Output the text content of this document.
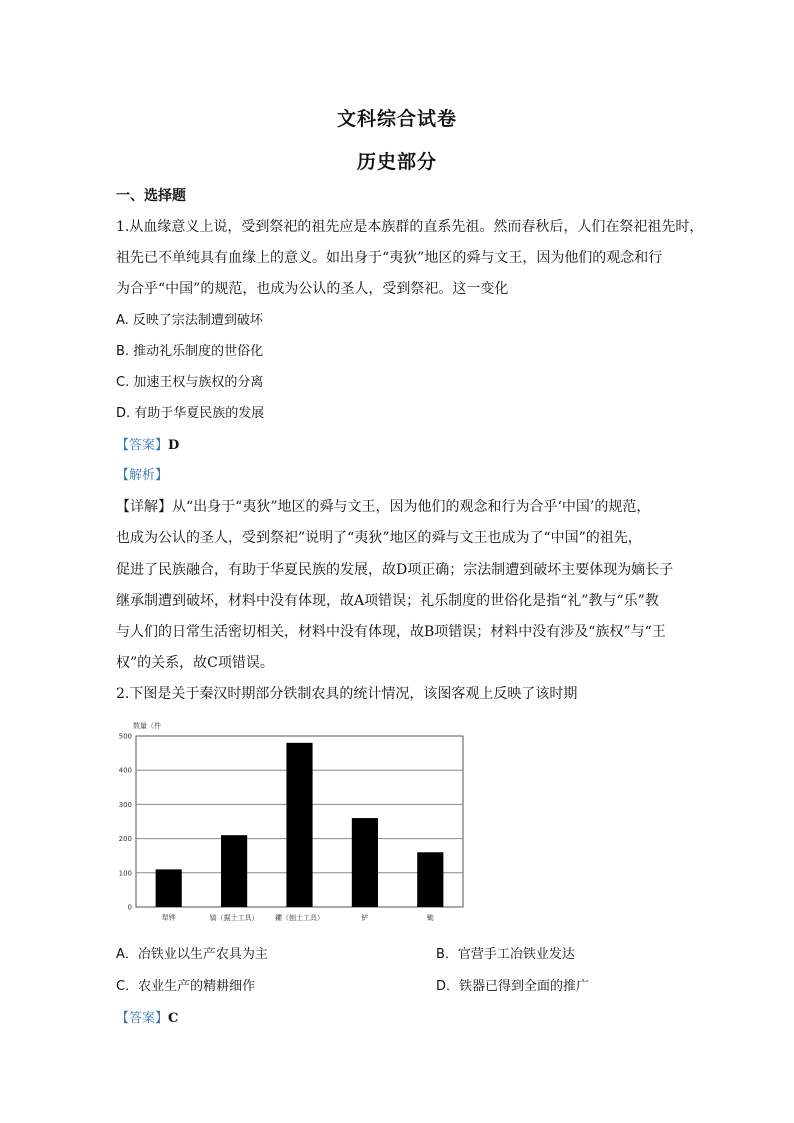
文科综合试卷
历史部分
一、选择题
1.从血缘意义上说，受到祭祀的祖先应是本族群的直系先祖。然而春秋后，人们在祭祀祖先时，
祖先已不单纯具有血缘上的意义。如出身于“夷狄”地区的舜与文王，因为他们的观念和行
为合乎“中国”的规范，也成为公认的圣人，受到祭祀。这一变化
A. 反映了宗法制遭到破坏
B. 推动礼乐制度的世俗化
C. 加速王权与族权的分离
D. 有助于华夏民族的发展
【答案】D
【解析】
【详解】从“出身于“夷狄”地区的舜与文王，因为他们的观念和行为合乎‘中国’的规范，
也成为公认的圣人，受到祭祀”说明了“夷狄”地区的舜与文王也成为了“中国”的祖先，
促进了民族融合，有助于华夏民族的发展，故D项正确；宗法制遭到破坏主要体现为嫡长子
继承制遭到破坏，材料中没有体现，故A项错误；礼乐制度的世俗化是指“礼”教与“乐”教
与人们的日常生活密切相关，材料中没有体现，故B项错误；材料中没有涉及“族权”与“王
权”的关系，故C项错误。
2.下图是关于秦汉时期部分铁制农具的统计情况，该图客观上反映了该时期
数量（件
0
100
200
300
400
500
犁铧	镐（掘土工具） 鑺（刨土工具）	铲	锄
A．冶铁业以生产农具为主	B．官营手工冶铁业发达
C．农业生产的精耕细作	D．铁器已得到全面的推广
【答案】C
